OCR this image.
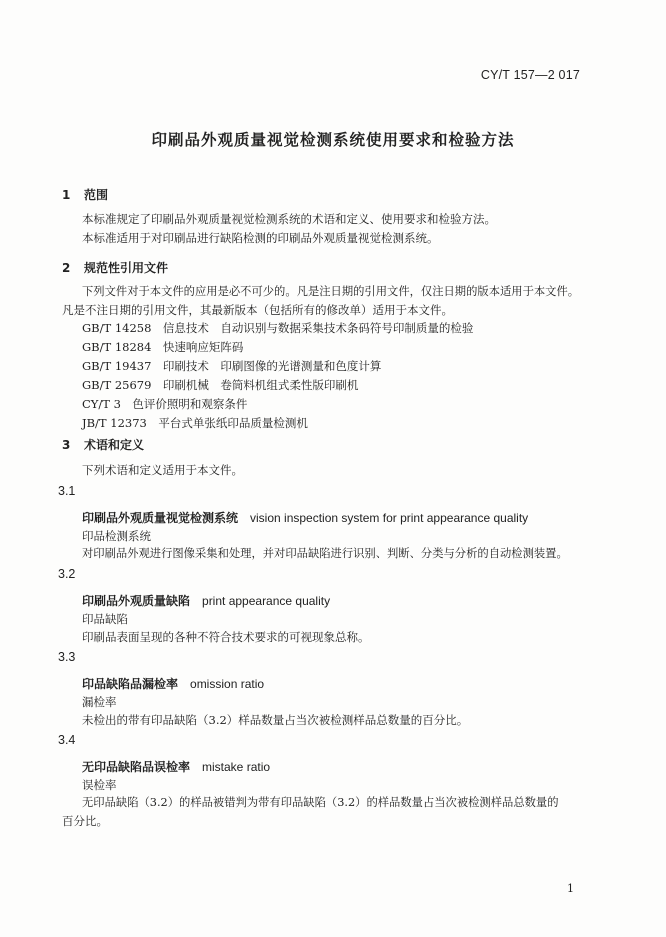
CY/T 157—2 017
印刷品外观质量视觉检测系统使用要求和检验方法
1 范围
本标准规定了印刷品外观质量视觉检测系统的术语和定义、使用要求和检验方法。
本标准适用于对印刷品进行缺陷检测的印刷品外观质量视觉检测系统。
2 规范性引用文件
下列文件对于本文件的应用是必不可少的。凡是注日期的引用文件，仅注日期的版本适用于本文件。
凡是不注日期的引用文件，其最新版本（包括所有的修改单）适用于本文件。
GB/T 14258　 信息技术　自动识别与数据采集技术条码符号印制质量的检验
GB/T 18284　 快速响应矩阵码
GB/T 19437　 印刷技术　印刷图像的光谱测量和色度计算
GB/T 25679　 印刷机械　卷筒料机组式柔性版印刷机
CY/T 3　 色评价照明和观察条件
JB/T 12373　 平台式单张纸印品质量检测机
3 术语和定义
下列术语和定义适用于本文件。
3.1
印刷品外观质量视觉检测系统 vision inspection system for print appearance quality
印品检测系统
对印刷品外观进行图像采集和处理，并对印品缺陷进行识别、判断、分类与分析的自动检测装置。
3.2
印刷品外观质量缺陷 print appearance quality
印品缺陷
印刷品表面呈现的各种不符合技术要求的可视现象总称。
3.3
印品缺陷品漏检率 omission ratio
漏检率
未检出的带有印品缺陷（3.2）样品数量占当次被检测样品总数量的百分比。
3.4
无印品缺陷品误检率 mistake ratio
误检率
无印品缺陷（3.2）的样品被错判为带有印品缺陷（3.2）的样品数量占当次被检测样品总数量的
百分比。
1
